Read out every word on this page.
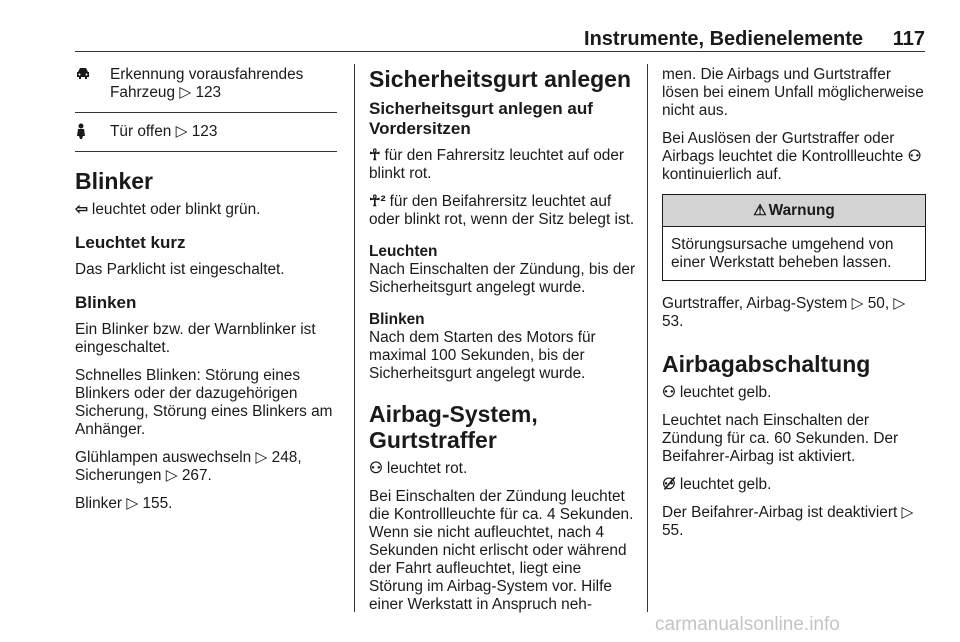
Instrumente, Bedienelemente 117
Erkennung vorausfahrendes Fahrzeug ▷ 123
Tür offen ▷ 123
Blinker

⇦ leuchtet oder blinkt grün.

Leuchtet kurz

Das Parklicht ist eingeschaltet.

Blinken

Ein Blinker bzw. der Warnblinker ist eingeschaltet.

Schnelles Blinken: Störung eines Blinkers oder der dazugehörigen Sicherung, Störung eines Blinkers am Anhänger.

Glühlampen auswechseln ▷ 248, Sicherungen ▷ 267.

Blinker ▷ 155.

Sicherheitsgurt anlegen
Sicherheitsgurt anlegen auf Vordersitzen

☥ für den Fahrersitz leuchtet auf oder blinkt rot.

☥² für den Beifahrersitz leuchtet auf oder blinkt rot, wenn der Sitz belegt ist.

Leuchten

Nach Einschalten der Zündung, bis der Sicherheitsgurt angelegt wurde.

Blinken

Nach dem Starten des Motors für maximal 100 Sekunden, bis der Sicherheitsgurt angelegt wurde.

Airbag-System, Gurtstraffer

⚇ leuchtet rot.

Bei Einschalten der Zündung leuchtet die Kontrollleuchte für ca. 4 Sekunden. Wenn sie nicht aufleuchtet, nach 4 Sekunden nicht erlischt oder während der Fahrt aufleuchtet, liegt eine Störung im Airbag-System vor. Hilfe einer Werkstatt in Anspruch neh-

men. Die Airbags und Gurtstraffer lösen bei einem Unfall möglicherweise nicht aus.

Bei Auslösen der Gurtstraffer oder Airbags leuchtet die Kontrollleuchte ⚇kontinuierlich auf.

⚠ Warnung
Störungsursache umgehend von einer Werkstatt beheben lassen.

Gurtstraffer, Airbag-System ▷ 50, ▷ 53.

Airbagabschaltung

⚇ leuchtet gelb.

Leuchtet nach Einschalten der Zündung für ca. 60 Sekunden. Der Beifahrer-Airbag ist aktiviert.

⚇̸ leuchtet gelb.

Der Beifahrer-Airbag ist deaktiviert ▷ 55.

carmanualsonline.info
